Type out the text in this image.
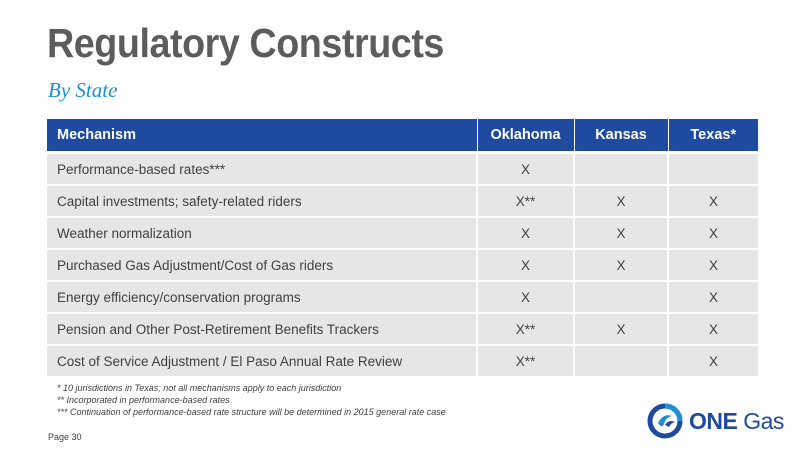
Regulatory Constructs
By State
Mechanism	Oklahoma	Kansas	Texas*
Performance-based rates***	X		
Capital investments; safety-related riders	X**	X	X
Weather normalization	X	X	X
Purchased Gas Adjustment/Cost of Gas riders	X	X	X
Energy efficiency/conservation programs	X		X
Pension and Other Post-Retirement Benefits Trackers	X**	X	X
Cost of Service Adjustment / El Paso Annual Rate Review	X**		X
* 10 jurisdictions in Texas; not all mechanisms apply to each jurisdiction
** Incorporated in performance-based rates
*** Continuation of performance-based rate structure will be determined in 2015 general rate case
Page 30
ONE Gas
